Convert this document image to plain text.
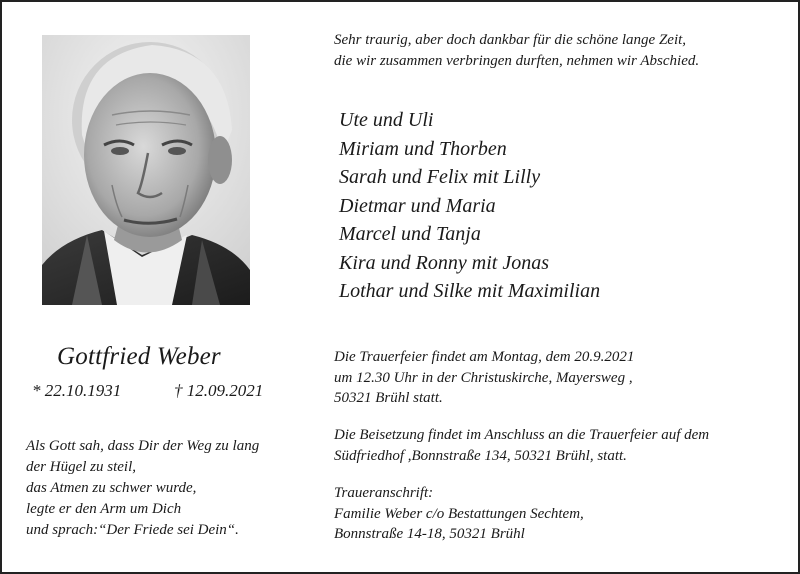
Sehr traurig, aber doch dankbar für die schöne lange Zeit,
die wir zusammen verbringen durften, nehmen wir Abschied.
Ute und Uli
Miriam und Thorben
Sarah und Felix mit Lilly
Dietmar und Maria
Marcel und Tanja
Kira und Ronny mit Jonas
Lothar und Silke mit Maximilian
Gottfried Weber
* 22.10.1931	† 12.09.2021
Als Gott sah, dass Dir der Weg zu lang
der Hügel zu steil,
das Atmen zu schwer wurde,
legte er den Arm um Dich
und sprach:“Der Friede sei Dein“.
Die Trauerfeier findet am Montag, dem 20.9.2021
um 12.30 Uhr in der Christuskirche, Mayersweg ,
50321 Brühl statt.
Die Beisetzung findet im Anschluss an die Trauerfeier auf dem
Südfriedhof ,Bonnstraße 134, 50321 Brühl, statt.
Traueranschrift:
Familie Weber c/o Bestattungen Sechtem,
Bonnstraße 14-18, 50321 Brühl
